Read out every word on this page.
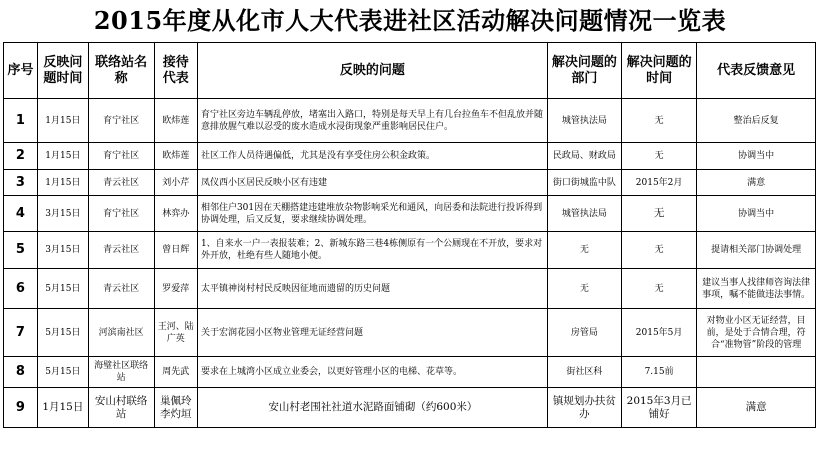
2015年度从化市人大代表进社区活动解决问题情况一览表
序号	反映问题时间	联络站名称	接待代表	反映的问题	解决问题的部门	解决问题的时间	代表反馈意见
1	1月15日	育宁社区	欧炜莲	育宁社区旁边车辆乱停放，堵塞出入路口，特别是每天早上有几台拉鱼车不但乱放并随意排放腥气难以忍受的废水造成水浸街现象严重影响居民住户。	城管执法局	无	整治后反复
2	1月15日	育宁社区	欧炜莲	社区工作人员待遇偏低，尤其是没有享受住房公积金政策。	民政局、财政局	无	协调当中
3	1月15日	青云社区	刘小芹	凤仪西小区居民反映小区有违建	街口街城监中队	2015年2月	满意
4	3月15日	育宁社区	林弈办	相邻住户301因在天棚搭建违建堆放杂物影响采光和通风，向居委和法院进行投诉得到协调处理，后又反复，要求继续协调处理。	城管执法局	无	协调当中
5	3月15日	青云社区	曾日辉	1、自来水一户一表报装难；2、新城东路三巷4栋侧原有一个公厕现在不开放，要求对外开放，杜绝有些人随地小便。	无	无	提请相关部门协调处理
6	5月15日	青云社区	罗爱萍	太平镇神岗村村民反映因征地而遗留的历史问题	无	无	建议当事人找律师咨询法律事项，嘱不能做违法事情。
7	5月15日	河滨南社区	王河、陆广英	关于宏润花园小区物业管理无证经营问题	房管局	2015年5月	对物业小区无证经营，目前，是处于合情合理，符合“准物管”阶段的管理
8	5月15日	海璧社区联络站	周先武	要求在上城湾小区成立业委会，以更好管理小区的电梯、花草等。	街社区科	7.15前	
9	1月15日	安山村联络站	巢佩玲李灼垣	安山村老围社社道水泥路面铺砌（约600米）	镇规划办扶贫办	2015年3月已铺好	满意
